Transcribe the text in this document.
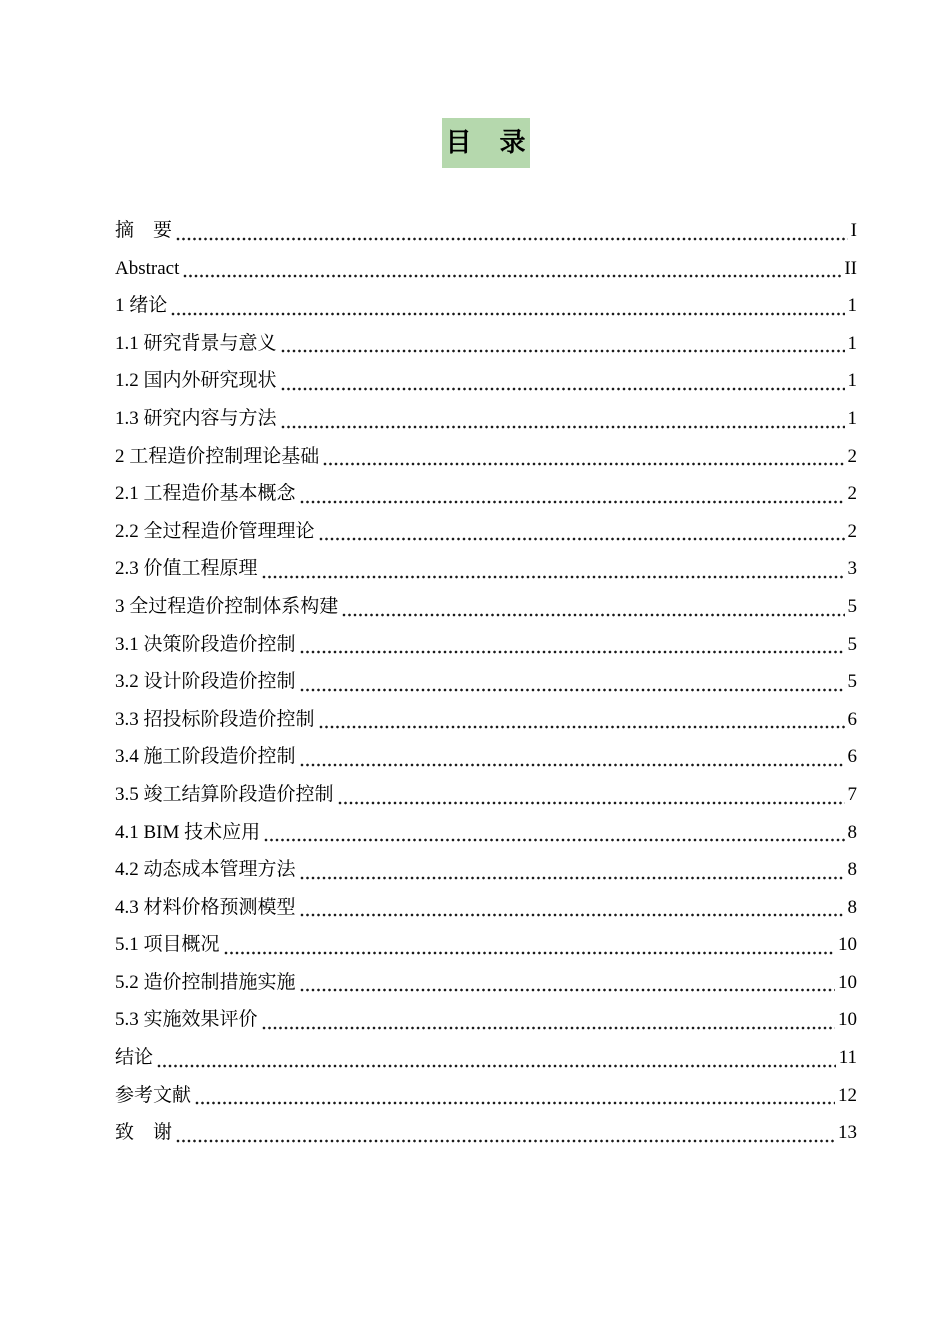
目　录
摘　要	I
Abstract	II
1 绪论	1
1.1 研究背景与意义	1
1.2 国内外研究现状	1
1.3 研究内容与方法	1
2 工程造价控制理论基础	2
2.1 工程造价基本概念	2
2.2 全过程造价管理理论	2
2.3 价值工程原理	3
3 全过程造价控制体系构建	5
3.1 决策阶段造价控制	5
3.2 设计阶段造价控制	5
3.3 招投标阶段造价控制	6
3.4 施工阶段造价控制	6
3.5 竣工结算阶段造价控制	7
4.1 BIM 技术应用	8
4.2 动态成本管理方法	8
4.3 材料价格预测模型	8
5.1 项目概况	10
5.2 造价控制措施实施	10
5.3 实施效果评价	10
结论	11
参考文献	12
致　谢	13
